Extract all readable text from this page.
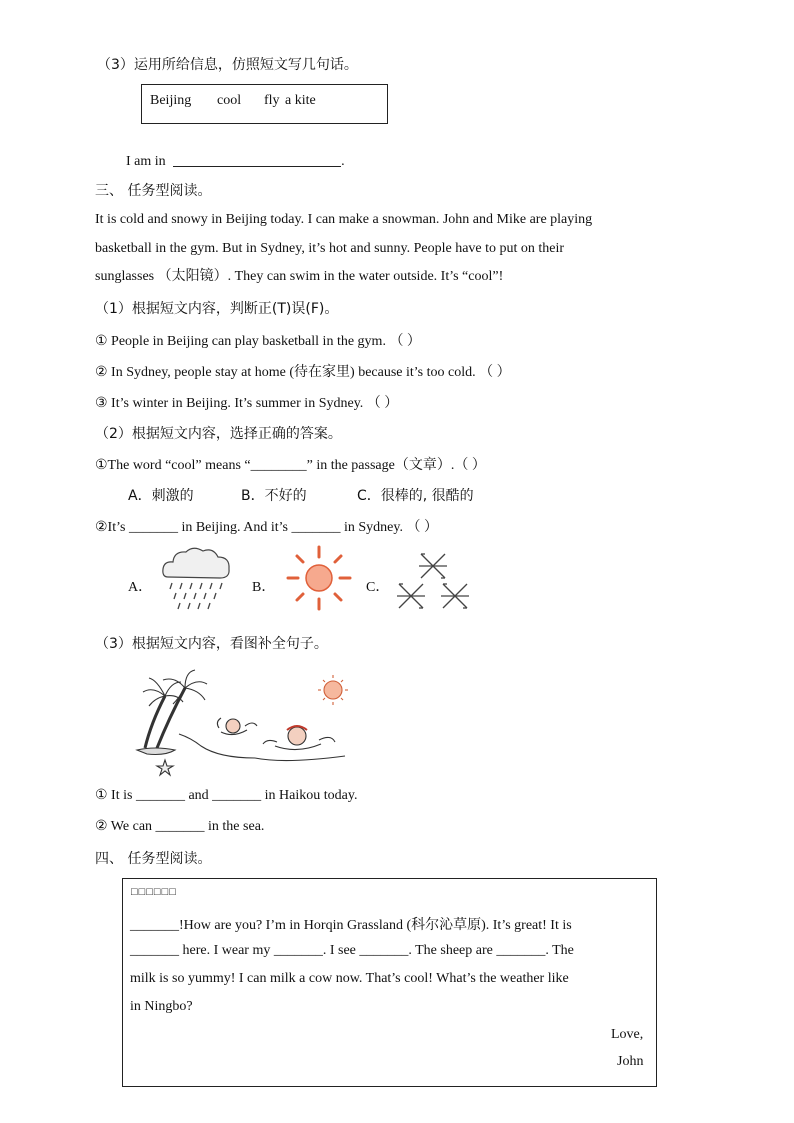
（3）运用所给信息，仿照短文写几句话。
Beijing cool fly a kite
I am in	.
三、 任务型阅读。
It is cold and snowy in Beijing today. I can make a snowman. John and Mike are playing
basketball in the gym. But in Sydney, it’s hot and sunny. People have to put on their
sunglasses （太阳镜）. They can swim in the water outside. It’s “cool”!
（1）根据短文内容，判断正(T)误(F)。
① People in Beijing can play basketball in the gym. （ ）
② In Sydney, people stay at home (待在家里) because it’s too cold. （ ）
③ It’s winter in Beijing. It’s summer in Sydney. （ ）
（2）根据短文内容，选择正确的答案。
①The word “cool” means “________” in the passage（文章）.（ ）
A．刺激的	B．不好的	C．很棒的, 很酷的
②It’s _______ in Beijing. And it’s _______ in Sydney. （ ）
A．	B．	C．
（3）根据短文内容，看图补全句子。
① It is _______ and _______ in Haikou today.
② We can _______ in the sea.
四、 任务型阅读。
□□□□□□
_______!How are you? I’m in Horqin Grassland (科尔沁草原). It’s great! It is
_______ here. I wear my _______. I see _______. The sheep are _______. The
milk is so yummy! I can milk a cow now. That’s cool! What’s the weather like
in Ningbo?
Love,
John
